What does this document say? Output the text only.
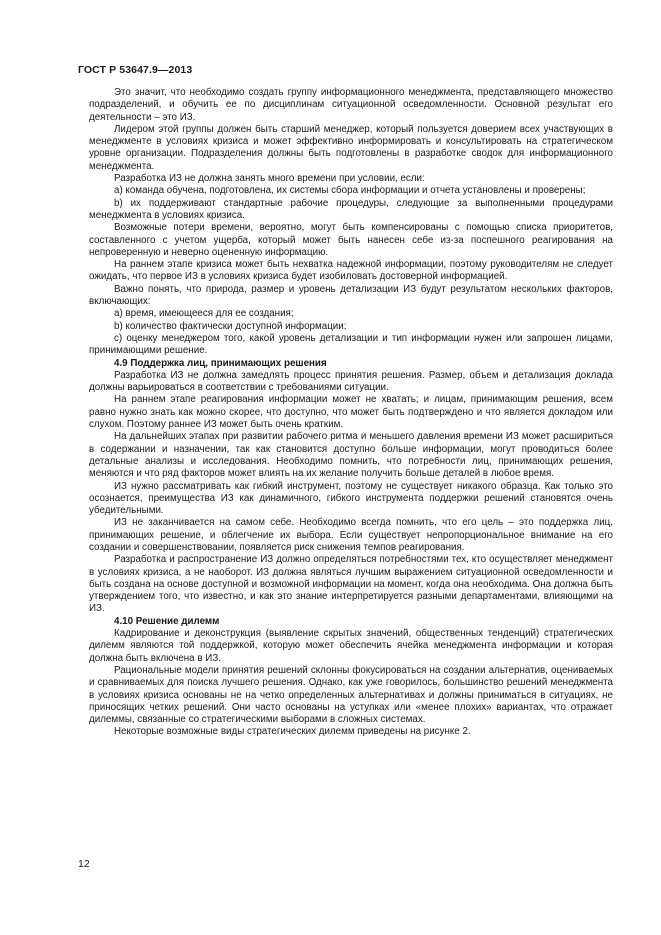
ГОСТ Р 53647.9—2013

Это значит, что необходимо создать группу информационного менеджмента, представляющего множество подразделений, и обучить ее по дисциплинам ситуационной осведомленности. Основной результат его деятельности – это ИЗ.

Лидером этой группы должен быть старший менеджер, который пользуется доверием всех участвующих в менеджменте в условиях кризиса и может эффективно информировать и консультировать на стратегическом уровне организации. Подразделения должны быть подготовлены в разработке сводок для информационного менеджмента.

Разработка ИЗ не должна занять много времени при условии, если:

a) команда обучена, подготовлена, их системы сбора информации и отчета установлены и проверены;

b) их поддерживают стандартные рабочие процедуры, следующие за выполненными процедурами менеджмента в условиях кризиса.

Возможные потери времени, вероятно, могут быть компенсированы с помощью списка приоритетов, составленного с учетом ущерба, который может быть нанесен себе из-за поспешного реагирования на непроверенную и неверно оцененную информацию.

На раннем этапе кризиса может быть нехватка надежной информации, поэтому руководителям не следует ожидать, что первое ИЗ в условиях кризиса будет изобиловать достоверной информацией.

Важно понять, что природа, размер и уровень детализации ИЗ будут результатом нескольких факторов, включающих:

a) время, имеющееся для ее создания;

b) количество фактически доступной информации;

c) оценку менеджером того, какой уровень детализации и тип информации нужен или запрошен лицами, принимающими решение.

4.9 Поддержка лиц, принимающих решения

Разработка ИЗ не должна замедлять процесс принятия решения. Размер, объем и детализация доклада должны варьироваться в соответствии с требованиями ситуации.

На раннем этапе реагирования информации может не хватать; и лицам, принимающим решения, всем равно нужно знать как можно скорее, что доступно, что может быть подтверждено и что является докладом или слухом. Поэтому раннее ИЗ может быть очень кратким.

На дальнейших этапах при развитии рабочего ритма и меньшего давления времени ИЗ может расшириться в содержании и назначении, так как становится доступно больше информации, могут проводиться более детальные анализы и исследования. Необходимо помнить, что потребности лиц, принимающих решения, меняются и что ряд факторов может влиять на их желание получить больше деталей в любое время.

ИЗ нужно рассматривать как гибкий инструмент, поэтому не существует никакого образца. Как только это осознается, преимущества ИЗ как динамичного, гибкого инструмента поддержки решений становятся очень убедительными.

ИЗ не заканчивается на самом себе. Необходимо всегда помнить, что его цель – это поддержка лиц, принимающих решение, и облегчение их выбора. Если существует непропорциональное внимание на его создании и совершенствовании, появляется риск снижения темпов реагирования.

Разработка и распространение ИЗ должно определяться потребностями тех, кто осуществляет менеджмент в условиях кризиса, а не наоборот. ИЗ должна являться лучшим выражением ситуационной осведомленности и быть создана на основе доступной и возможной информации на момент, когда она необходима. Она должна быть утверждением того, что известно, и как это знание интерпретируется разными департаментами, влияющими на ИЗ.

4.10 Решение дилемм

Кадрирование и деконструкция (выявление скрытых значений, общественных тенденций) стратегических дилемм являются той поддержкой, которую может обеспечить ячейка менеджмента информации и которая должна быть включена в ИЗ.

Рациональные модели принятия решений склонны фокусироваться на создании альтернатив, оцениваемых и сравниваемых для поиска лучшего решения. Однако, как уже говорилось, большинство решений менеджмента в условиях кризиса основаны не на четко определенных альтернативах и должны приниматься в ситуациях, не приносящих четких решений. Они часто основаны на уступках или «менее плохих» вариантах, что отражает дилеммы, связанные со стратегическими выборами в сложных системах.

Некоторые возможные виды стратегических дилемм приведены на рисунке 2.

12
